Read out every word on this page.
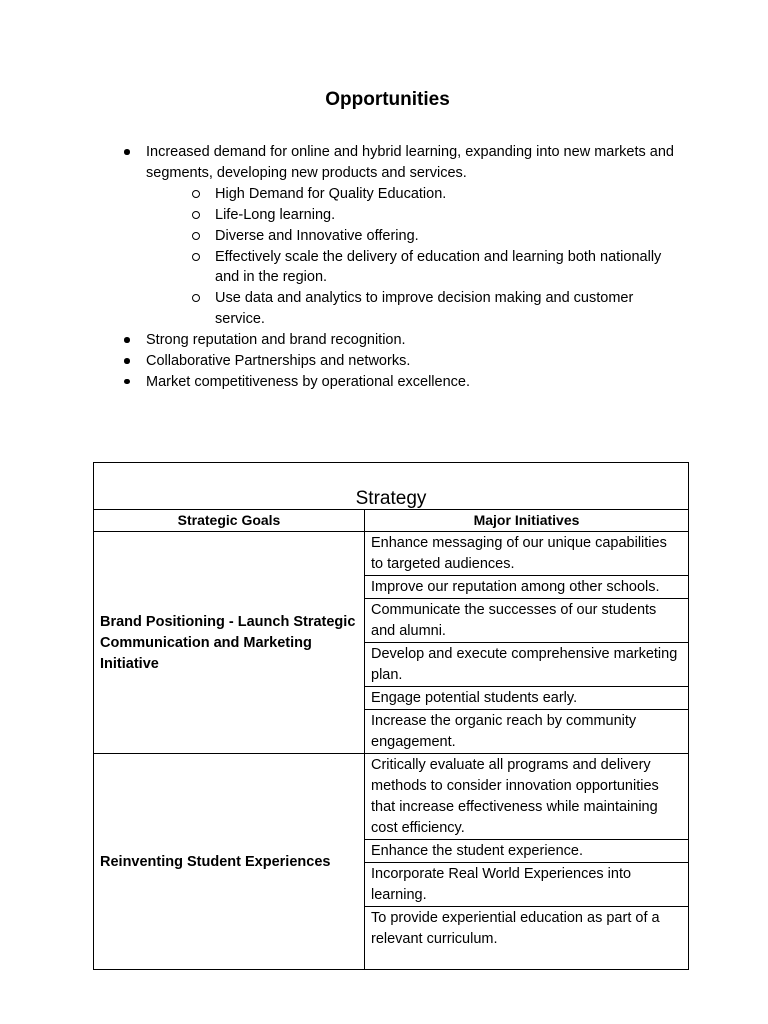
Opportunities
Increased demand for online and hybrid learning, expanding into new markets and segments, developing new products and services.
High Demand for Quality Education.
Life-Long learning.
Diverse and Innovative offering.
Effectively scale the delivery of education and learning both nationally and in the region.
Use data and analytics to improve decision making and customer service.
Strong reputation and brand recognition.
Collaborative Partnerships and networks.
Market competitiveness by operational excellence.
Strategy	
Strategic Goals	Major Initiatives
Brand Positioning - Launch Strategic Communication and Marketing Initiative	Enhance messaging of our unique capabilities to targeted audiences.
	Improve our reputation among other schools.
	Communicate the successes of our students and alumni.
	Develop and execute comprehensive marketing plan.
	Engage potential students early.
	Increase the organic reach by community engagement.
Reinventing Student Experiences	Critically evaluate all programs and delivery methods to consider innovation opportunities that increase effectiveness while maintaining cost efficiency.
	Enhance the student experience.
	Incorporate Real World Experiences into learning.
	To provide experiential education as part of a relevant curriculum.
